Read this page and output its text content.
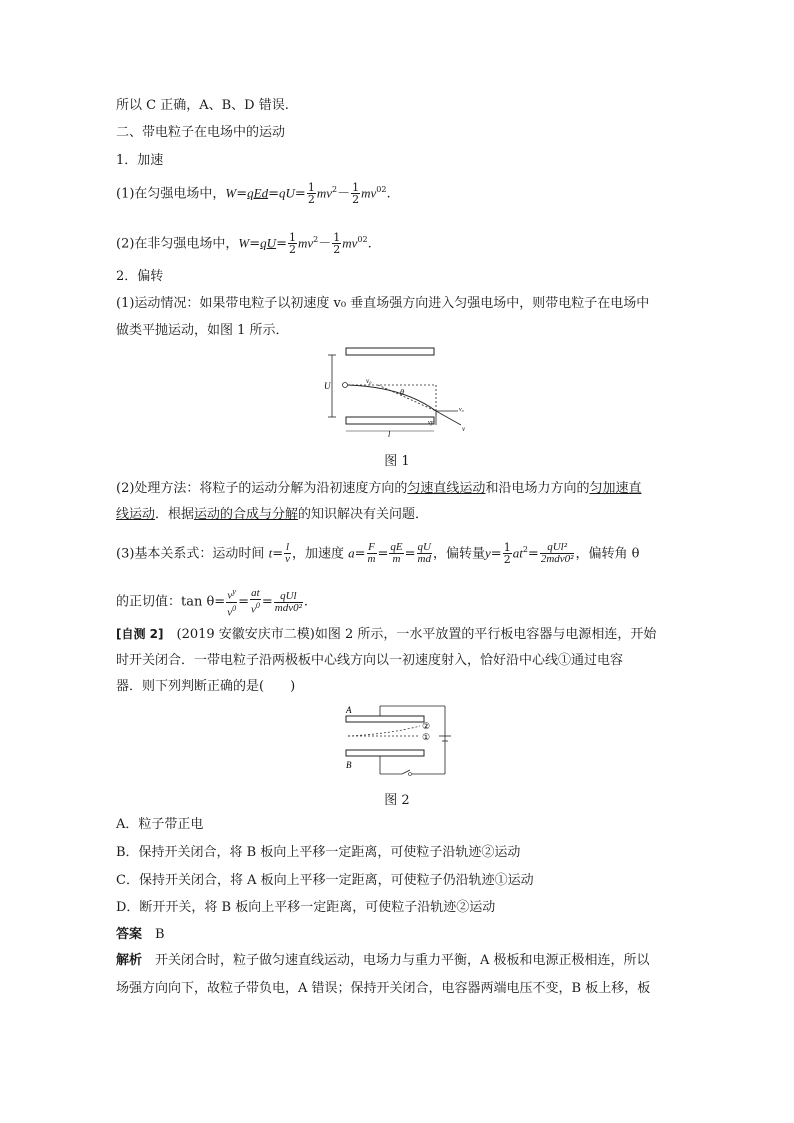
所以 C 正确，A、B、D 错误.
二、带电粒子在电场中的运动
1．加速
(1)在匀强电场中，$W=qEd=qU= \frac{1}{2} mv^2- \frac{1}{2} mv^{02}$.
(2)在非匀强电场中，$W=qU= \frac{1}{2} mv^2- \frac{1}{2} mv^{02}$.
2．偏转
(1)运动情况：如果带电粒子以初速度 v₀ 垂直场强方向进入匀强电场中，则带电粒子在电场中
做类平抛运动，如图 1 所示．
U	v₀
θ
v₀
vy
v
l
图 1
(2)处理方法：将粒子的运动分解为沿初速度方向的匀速直线运动和沿电场力方向的匀加速直
线运动．根据运动的合成与分解的知识解决有关问题．
(3)基本关系式：运动时间 $t= \frac{l}{v}$ ，加速度 $a= \frac{F}{m} = \frac{qE}{m} = \frac{qU}{md}$ ，偏转量$y= \frac{1}{2} at^2= \frac{\text{qUl²}}{\text{2mdv0²}}$ ，偏转角 θ
的正切值：$\tan \theta= \frac{v^y}{v^0} = \frac{at}{v^0} = \frac{\text{qUl}}{\text{mdv0²}}$ .
[自测 2]　 (2019 安徽安庆市二模)如图 2 所示，一水平放置的平行板电容器与电源相连，开始
时开关闭合．一带电粒子沿两极板中心线方向以一初速度射入，恰好沿中心线①通过电容
器．则下列判断正确的是(　　)
A
B
②
①
图 2
A．粒子带正电
B．保持开关闭合，将 B 板向上平移一定距离，可使粒子沿轨迹②运动
C．保持开关闭合，将 A 板向上平移一定距离，可使粒子仍沿轨迹①运动
D．断开开关，将 B 板向上平移一定距离，可使粒子沿轨迹②运动
答案　 B
解析　 开关闭合时，粒子做匀速直线运动，电场力与重力平衡，A 极板和电源正极相连，所以
场强方向向下，故粒子带负电，A 错误；保持开关闭合，电容器两端电压不变，B 板上移，板
